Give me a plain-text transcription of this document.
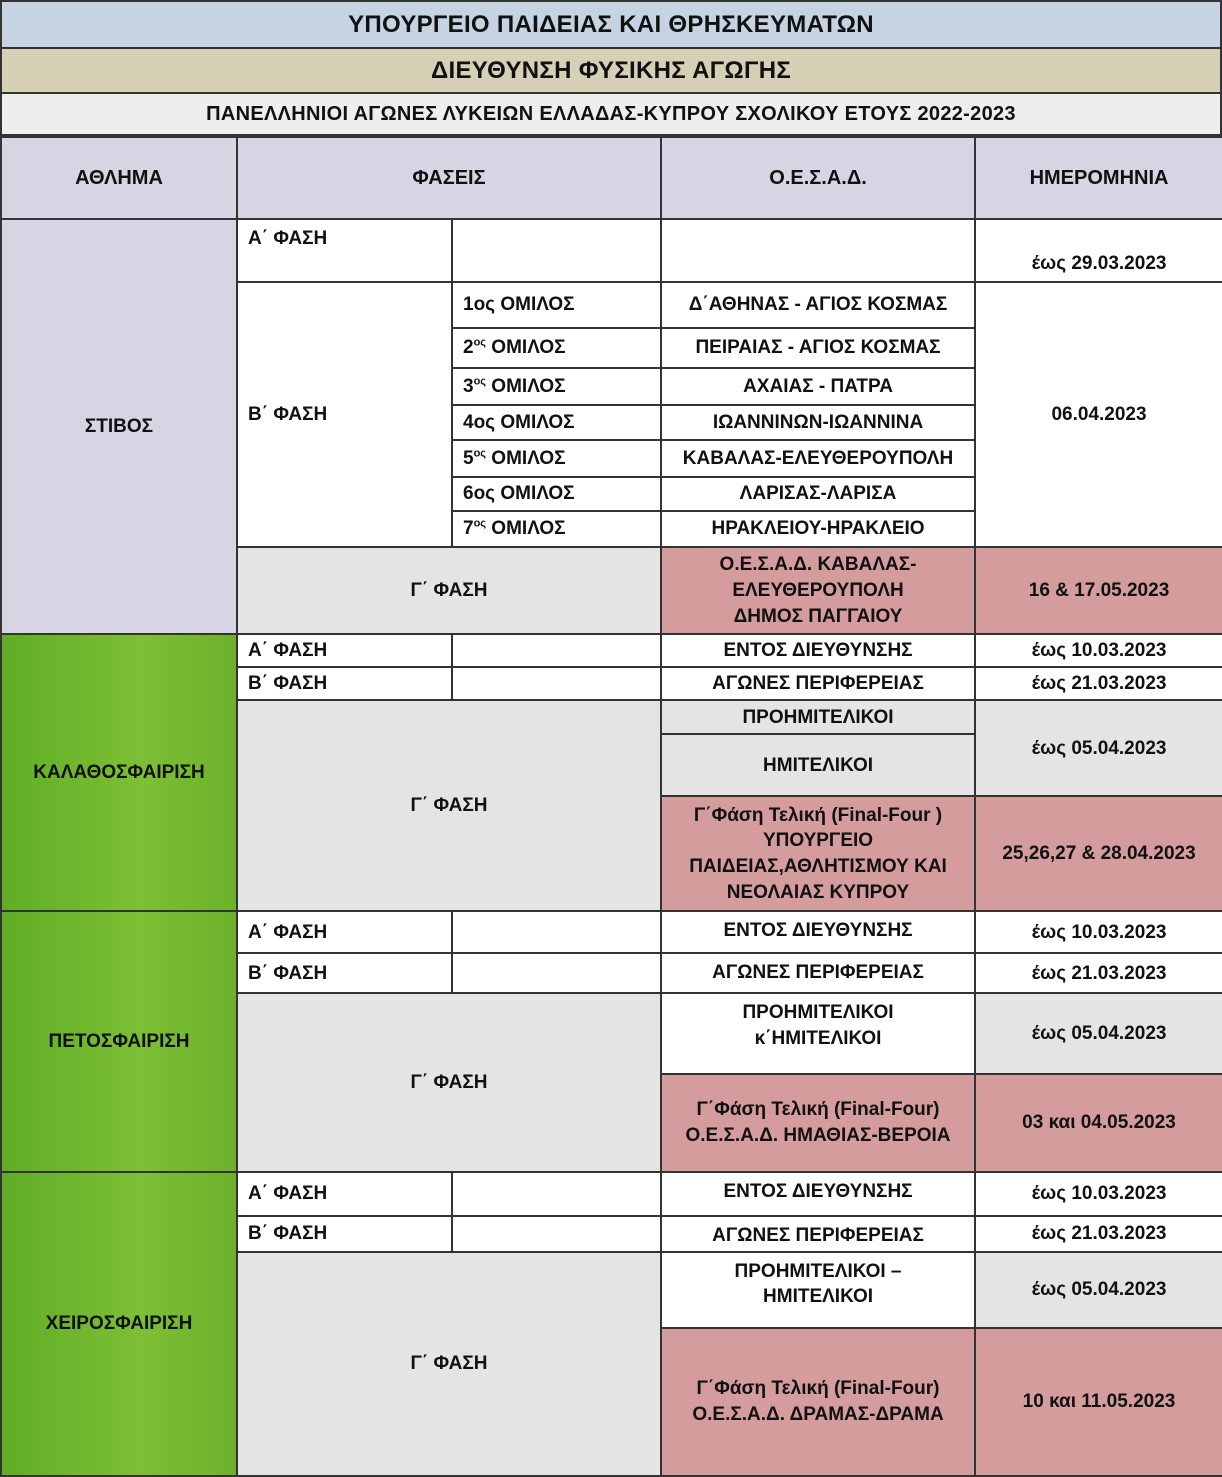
ΥΠΟΥΡΓΕΙΟ ΠΑΙΔΕΙΑΣ ΚΑΙ ΘΡΗΣΚΕΥΜΑΤΩΝ
ΔΙΕΥΘΥΝΣΗ ΦΥΣΙΚΗΣ ΑΓΩΓΗΣ
ΠΑΝΕΛΛΗΝΙΟΙ ΑΓΩΝΕΣ ΛΥΚΕΙΩΝ ΕΛΛΑΔΑΣ-ΚΥΠΡΟΥ ΣΧΟΛΙΚΟΥ ΕΤΟΥΣ 2022-2023
ΑΘΛΗΜΑ	ΦΑΣΕΙΣ		Ο.Ε.Σ.Α.Δ.	ΗΜΕΡΟΜΗΝΙΑ
ΣΤΙΒΟΣ	Α΄ ΦΑΣΗ			έως 29.03.2023
	Β΄ ΦΑΣΗ	1ος ΟΜΙΛΟΣ	Δ΄ΑΘΗΝΑΣ - ΑΓΙΟΣ ΚΟΣΜΑΣ	06.04.2023
		$2^{o\varsigma}$ ΟΜΙΛΟΣ	ΠΕΙΡΑΙΑΣ - ΑΓΙΟΣ ΚΟΣΜΑΣ	
		$3^{o\varsigma}$ ΟΜΙΛΟΣ	ΑΧΑΙΑΣ - ΠΑΤΡΑ	
		4ος ΟΜΙΛΟΣ	ΙΩΑΝΝΙΝΩΝ-ΙΩΑΝΝΙΝΑ	
		$5^{o\varsigma}$ ΟΜΙΛΟΣ	ΚΑΒΑΛΑΣ-ΕΛΕΥΘΕΡΟΥΠΟΛΗ	
		6ος ΟΜΙΛΟΣ	ΛΑΡΙΣΑΣ-ΛΑΡΙΣΑ	
		$7^{o\varsigma}$ ΟΜΙΛΟΣ	ΗΡΑΚΛΕΙΟΥ-ΗΡΑΚΛΕΙΟ	
	Γ΄ ΦΑΣΗ		Ο.Ε.Σ.Α.Δ. ΚΑΒΑΛΑΣ-
ΕΛΕΥΘΕΡΟΥΠΟΛΗ
ΔΗΜΟΣ ΠΑΓΓΑΙΟΥ	16 & 17.05.2023
ΚΑΛΑΘΟΣΦΑΙΡΙΣΗ	Α΄ ΦΑΣΗ		ΕΝΤΟΣ ΔΙΕΥΘΥΝΣΗΣ	έως 10.03.2023
	Β΄ ΦΑΣΗ		ΑΓΩΝΕΣ ΠΕΡΙΦΕΡΕΙΑΣ	έως 21.03.2023
	Γ΄ ΦΑΣΗ		ΠΡΟΗΜΙΤΕΛΙΚΟΙ	έως 05.04.2023
			ΗΜΙΤΕΛΙΚΟΙ	

			Γ΄Φάση Τελική (Final-Four )
ΥΠΟΥΡΓΕΙΟ
ΠΑΙΔΕΙΑΣ,ΑΘΛΗΤΙΣΜΟΥ ΚΑΙ
ΝΕΟΛΑΙΑΣ ΚΥΠΡΟΥ	25,26,27 & 28.04.2023
ΠΕΤΟΣΦΑΙΡΙΣΗ	Α΄ ΦΑΣΗ		ΕΝΤΟΣ ΔΙΕΥΘΥΝΣΗΣ	έως 10.03.2023
	Β΄ ΦΑΣΗ		ΑΓΩΝΕΣ ΠΕΡΙΦΕΡΕΙΑΣ	έως 21.03.2023
	Γ΄ ΦΑΣΗ		ΠΡΟΗΜΙΤΕΛΙΚΟΙ
κ΄ΗΜΙΤΕΛΙΚΟΙ	έως 05.04.2023

			Γ΄Φάση Τελική (Final-Four)
Ο.Ε.Σ.Α.Δ. ΗΜΑΘΙΑΣ-ΒΕΡΟΙΑ	03 και 04.05.2023
ΧΕΙΡΟΣΦΑΙΡΙΣΗ	Α΄ ΦΑΣΗ		ΕΝΤΟΣ ΔΙΕΥΘΥΝΣΗΣ	έως 10.03.2023
	Β΄ ΦΑΣΗ		ΑΓΩΝΕΣ ΠΕΡΙΦΕΡΕΙΑΣ	έως 21.03.2023
	Γ΄ ΦΑΣΗ		ΠΡΟΗΜΙΤΕΛΙΚΟΙ –
ΗΜΙΤΕΛΙΚΟΙ	έως 05.04.2023

			Γ΄Φάση Τελική (Final-Four)
Ο.Ε.Σ.Α.Δ. ΔΡΑΜΑΣ-ΔΡΑΜΑ	10 και 11.05.2023
